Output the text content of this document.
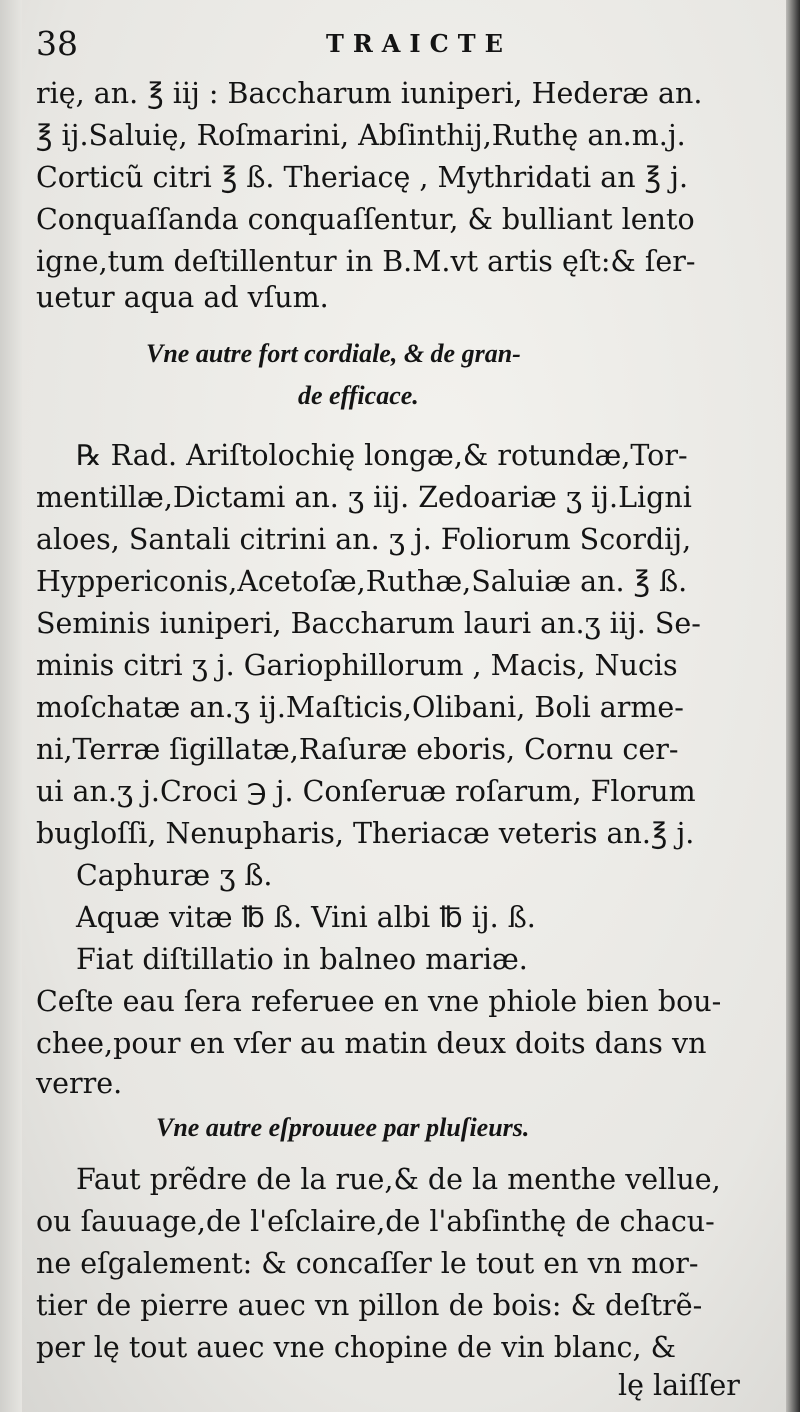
38	TRAICTE
rię, an. ℥ iij : Baccharum iuniperi, Hederæ an.
℥ ij.Saluię, Roſmarini, Abſinthij,Ruthę an.m.j.
Corticũ citri ℥ ß. Theriacę , Mythridati an ℥ j.
Conquaſſanda conquaſſentur, & bulliant lento
igne,tum deſtillentur in B.M.vt artis ęſt:& ſer-
uetur aqua ad vſum.
Vne autre fort cordiale, & de gran-
de efficace.
℞ Rad. Ariſtolochię longæ,& rotundæ,Tor-
mentillæ,Dictami an. ʒ iij. Zedoariæ ʒ ij.Ligni
aloes, Santali citrini an. ʒ j. Foliorum Scordij,
Hyppericonis,Acetoſæ,Ruthæ,Saluiæ an. ℥ ß.
Seminis iuniperi, Baccharum lauri an.ʒ iij. Se-
minis citri ʒ j. Gariophillorum , Macis, Nucis
moſchatæ an.ʒ ij.Maſticis,Olibani, Boli arme-
ni,Terræ ſigillatæ,Raſuræ eboris, Cornu cer-
ui an.ʒ j.Croci ℈ j. Conſeruæ roſarum, Florum
bugloſſi, Nenupharis, Theriacæ veteris an.℥ j.
Caphuræ ʒ ß.
Aquæ vitæ ℔ ß. Vini albi ℔ ij. ß.
Fiat diſtillatio in balneo mariæ.
Ceſte eau ſera referuee en vne phiole bien bou-
chee,pour en vſer au matin deux doits dans vn
verre.
Vne autre eſprouuee par pluſieurs.
Faut prẽdre de la rue,& de la menthe vellue,
ou ſauuage,de l'eſclaire,de l'abſinthę de chacu-
ne eſgalement: & concaſſer le tout en vn mor-
tier de pierre auec vn pillon de bois: & deſtrẽ-
per lę tout auec vne chopine de vin blanc, &
lę laiſſer
